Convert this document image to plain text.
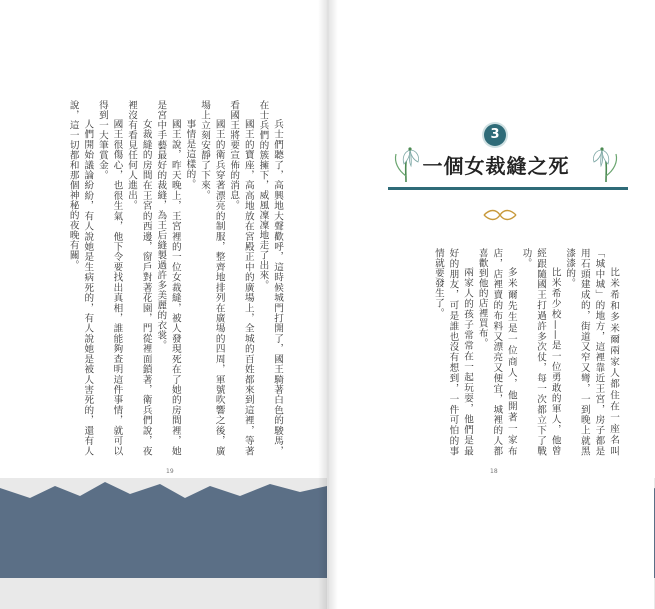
兵士們聽了，高興地大聲歡呼，這時候城門打開了，國王騎著白色的駿馬，在士兵們的簇擁下，威風凜凜地走了出來。

國王的寶座，高高地放在宮殿正中的廣場上，全城的百姓都來到這裡，等著看國王將要宣佈的消息。

國王的衛兵穿著漂亮的制服，整齊地排列在廣場的四周，軍號吹響之後，廣場上立刻安靜了下來。

事情是這樣的。

國王說，昨天晚上，王宮裡的一位女裁縫，被人發現死在了她的房間裡，她是宮中手藝最好的裁縫，為王后縫製過許多美麗的衣裳。

女裁縫的房間在王宮的西邊，窗戶對著花園，門從裡面鎖著，衛兵們說，夜裡沒有看見任何人進出。

國王很傷心，也很生氣，他下令要找出真相，誰能夠查明這件事情，就可以得到一大筆賞金。

人們開始議論紛紛，有人說她是生病死的，有人說她是被人害死的，還有人說，這一切都和那個神秘的夜晚有關。

19
3
一個女裁縫之死

比米希和多米爾兩家人都住在一座名叫「城中城」的地方，這裡靠近王宮，房子都是用石頭建成的，街道又窄又彎，一到晚上就黑漆漆的。

比米希少校——是一位勇敢的軍人，他曾經跟隨國王打過許多次仗，每一次都立下了戰功。

多米爾先生是一位商人，他開著一家布店，店裡賣的布料又漂亮又便宜，城裡的人都喜歡到他的店裡買布。

兩家人的孩子常常在一起玩耍，他們是最好的朋友，可是誰也沒有想到，一件可怕的事情就要發生了。

18
